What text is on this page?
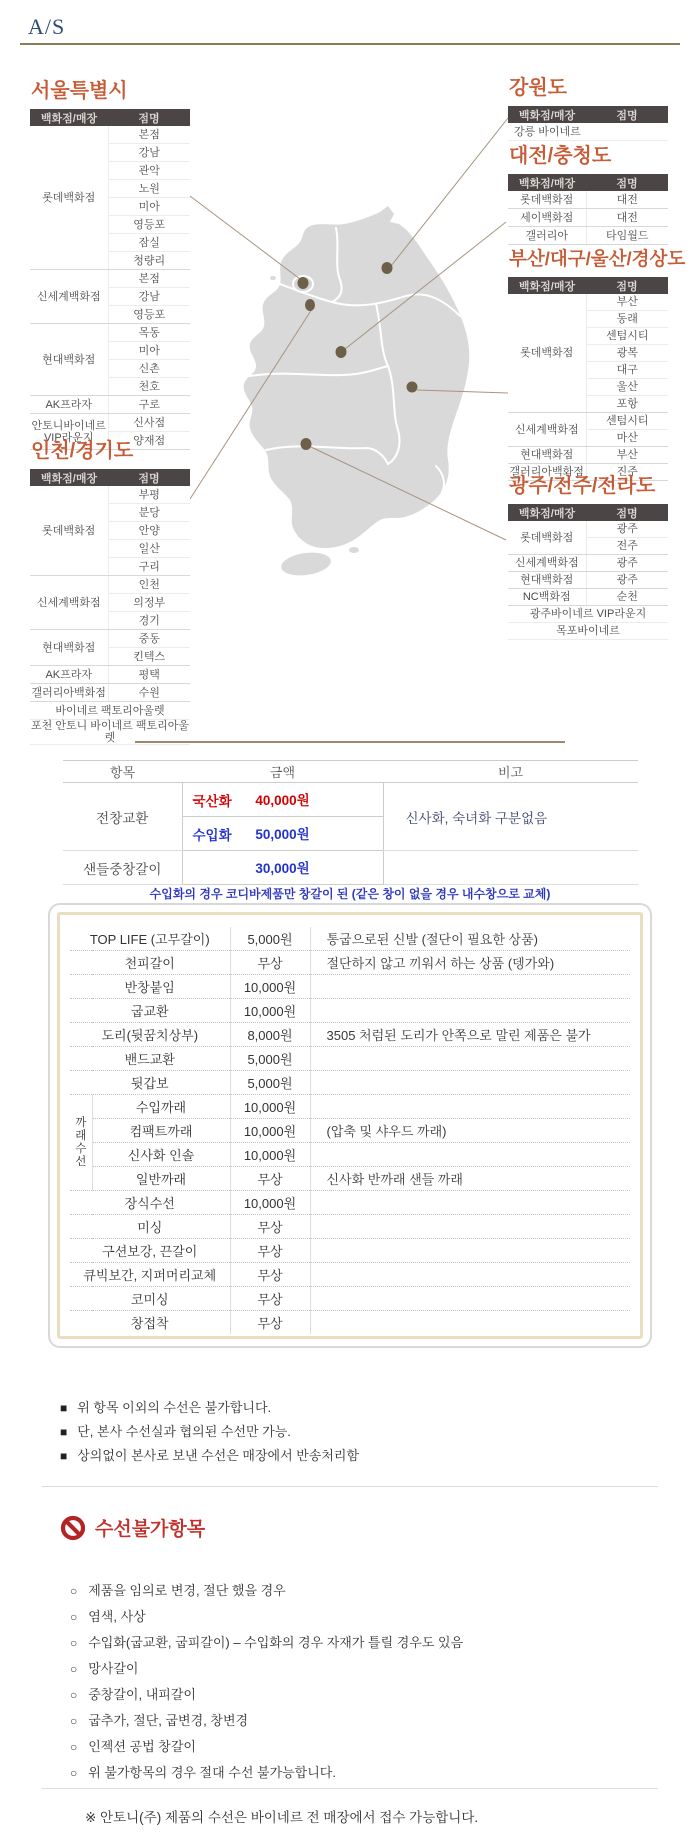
A/S
서울특별시
백화점/매장	점명
롯데백화점	본점
	강남
	관악
	노원
	미아
	영등포
	잠실
	청량리
신세계백화점	본점
	강남
	영등포
현대백화점	목동
	미아
	신촌
	천호
AK프라자	구로
안토니바이네르 VIP라운지	신사점
	양재점
인천/경기도
백화점/매장	점명
롯데백화점	부평
	분당
	안양
	일산
	구리
신세계백화점	인천
	의정부
	경기
현대백화점	중동
	킨텍스
AK프라자	평택
갤러리아백화점	수원
바이네르 팩토리아울렛	
포천 안토니 바이네르 팩토리아울렛	
강원도
백화점/매장	점명
강릉 바이네르
대전/충청도
백화점/매장	점명
롯데백화점	대전
세이백화점	대전
갤러리아	타임월드
부산/대구/울산/경상도
백화점/매장	점명
롯데백화점	부산
	동래
	센텀시티
	광복
	대구
	울산
	포항
신세계백화점	센텀시티
	마산
현대백화점	부산
갤러리아백화점	진주
광주/전주/전라도
백화점/매장	점명
롯데백화점	광주
	전주
신세계백화점	광주
현대백화점	광주
NC백화점	순천
광주바이네르 VIP라운지	
목포바이네르	
항목	금액	비고
전창교환	국산화 40,000원	신사화, 숙녀화 구분없음

	수입화 50,000원	
샌들중창갈이	30,000원	
수입화의 경우 코디바제품만 창갈이 된 (같은 창이 없을 경우 내수창으로 교체)
TOP LIFE (고무갈이)		5,000원	통굽으로된 신발 (절단이 필요한 상품)
천피갈이		무상	절단하지 않고 끼워서 하는 상품 (뎅가와)
반창붙임		10,000원	
굽교환		10,000원	
도리(뒷꿈치상부)		8,000원	3505 처럼된 도리가 안쪽으로 말린 제품은 불가
밴드교환		5,000원	
뒷갑보		5,000원	
까
래
수
선	수입까래	10,000원	
	컴팩트까래	10,000원	(압축 및 샤우드 까래)
	신사화 인솔	10,000원	
	일반까래	무상	신사화 반까래 샌들 까래
장식수선		10,000원	
미싱		무상	
구션보강, 끈갈이		무상	
큐빅보간, 지퍼머리교체		무상	
코미싱		무상	
창접착		무상	
■ 위 항목 이외의 수선은 불가합니다.
■ 단, 본사 수선실과 협의된 수선만 가능.
■ 상의없이 본사로 보낸 수선은 매장에서 반송처리함
수선불가항목
○ 제품을 임의로 변경, 절단 했을 경우
○ 염색, 사상
○ 수입화(굽교환, 굽피갈이) – 수입화의 경우 자재가 틀릴 경우도 있음
○ 망사갈이
○ 중창갈이, 내피갈이
○ 굽추가, 절단, 굽변경, 창변경
○ 인젝션 공법 창갈이
○ 위 불가항목의 경우 절대 수선 불가능합니다.
※ 안토니(주) 제품의 수선은 바이네르 전 매장에서 접수 가능합니다.
